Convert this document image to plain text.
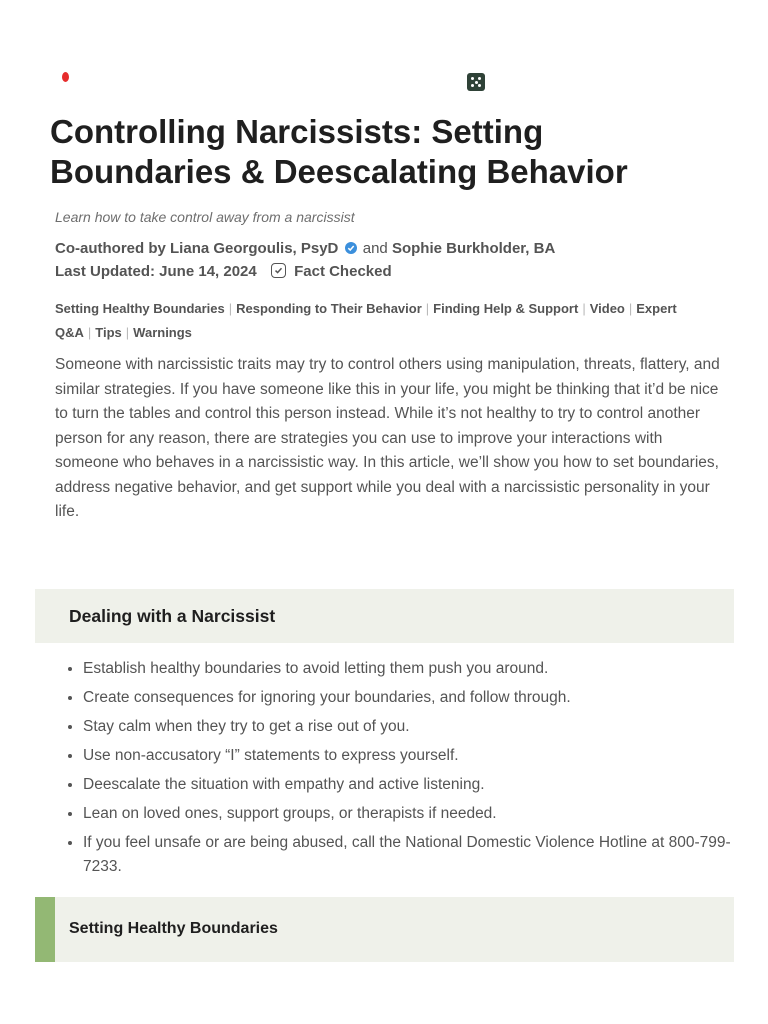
Controlling Narcissists: Setting Boundaries & Deescalating Behavior
Learn how to take control away from a narcissist
Co-authored by Liana Georgoulis, PsyD and Sophie Burkholder, BA
Last Updated: June 14, 2024 Fact Checked
Setting Healthy Boundaries | Responding to Their Behavior | Finding Help & Support | Video | Expert Q&A | Tips | Warnings

Someone with narcissistic traits may try to control others using manipulation, threats, flattery, and similar strategies. If you have someone like this in your life, you might be thinking that it’d be nice to turn the tables and control this person instead. While it’s not healthy to try to control another person for any reason, there are strategies you can use to improve your interactions with someone who behaves in a narcissistic way. In this article, we’ll show you how to set boundaries, address negative behavior, and get support while you deal with a narcissistic personality in your life.

Dealing with a Narcissist
• Establish healthy boundaries to avoid letting them push you around.
• Create consequences for ignoring your boundaries, and follow through.
• Stay calm when they try to get a rise out of you.
• Use non-accusatory “I” statements to express yourself.
• Deescalate the situation with empathy and active listening.
• Lean on loved ones, support groups, or therapists if needed.
• If you feel unsafe or are being abused, call the National Domestic Violence Hotline at 800-799-7233.
Setting Healthy Boundaries
